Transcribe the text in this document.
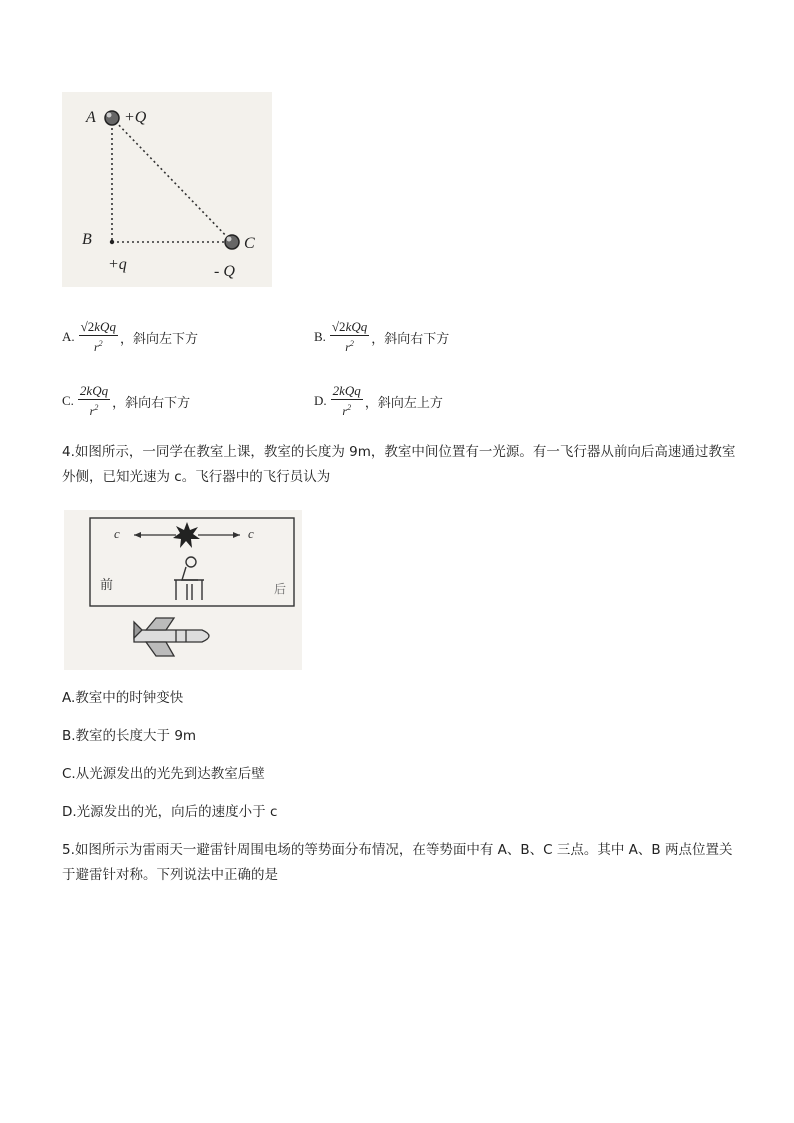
A +Q
B
+q
C
- Q
A. $\frac{\text{√2kQq}}{r^2}$ ，斜向左下方	B. $\frac{\text{√2kQq}}{r^2}$ ，斜向右下方
C. $\frac{\text{2kQq}}{r^2}$ ，斜向右下方	D. $\frac{\text{2kQq}}{r^2}$ ，斜向左上方
4.如图所示，一同学在教室上课，教室的长度为 9m，教室中间位置有一光源。有一飞行器从前向后高速通过教室外侧，已知光速为 c。飞行器中的飞行员认为
c	c
前	后
A.教室中的时钟变快
B.教室的长度大于 9m
C.从光源发出的光先到达教室后壁
D.光源发出的光，向后的速度小于 c
5.如图所示为雷雨天一避雷针周围电场的等势面分布情况，在等势面中有 A、B、C 三点。其中 A、B 两点位置关于避雷针对称。下列说法中正确的是
